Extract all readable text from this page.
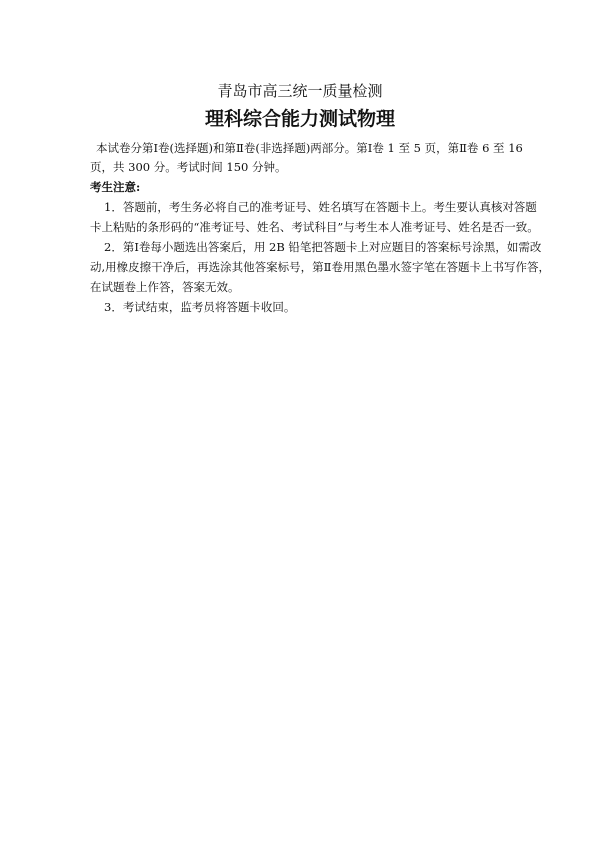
青岛市高三统一质量检测
理科综合能力测试物理
本试卷分第Ⅰ卷(选择题)和第Ⅱ卷(非选择题)两部分。第Ⅰ卷 1 至 5 页，第Ⅱ卷 6 至 16
页，共 300 分。考试时间 150 分钟。
考生注意:
1．答题前，考生务必将自己的准考证号、姓名填写在答题卡上。考生要认真核对答题
卡上粘贴的条形码的“准考证号、姓名、考试科目”与考生本人准考证号、姓名是否一致。
2．第Ⅰ卷每小题选出答案后，用 2B 铅笔把答题卡上对应题目的答案标号涂黑，如需改
动,用橡皮擦干净后，再选涂其他答案标号，第Ⅱ卷用黑色墨水签字笔在答题卡上书写作答，
在试题卷上作答，答案无效。
3．考试结束，监考员将答题卡收回。
